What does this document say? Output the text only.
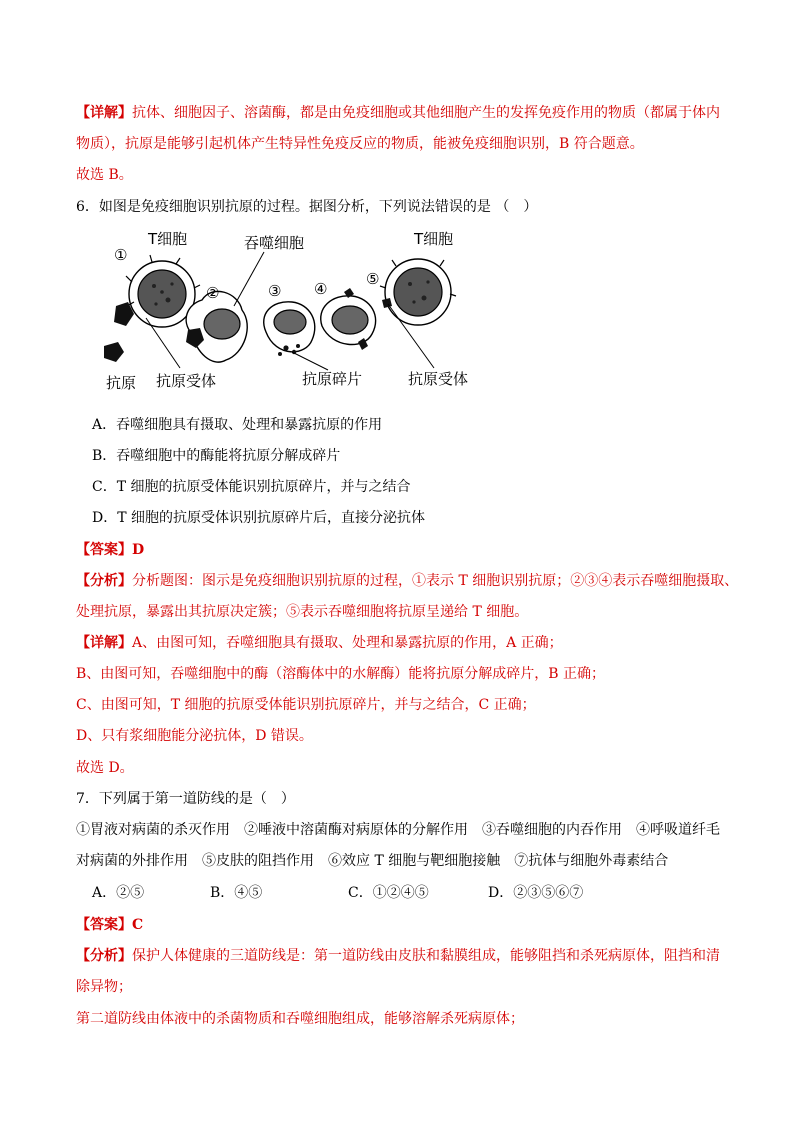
【详解】抗体、细胞因子、溶菌酶，都是由免疫细胞或其他细胞产生的发挥免疫作用的物质（都属于体内
物质），抗原是能够引起机体产生特异性免疫反应的物质，能被免疫细胞识别，B 符合题意。
故选 B。
6．如图是免疫细胞识别抗原的过程。据图分析，下列说法错误的是 （　）
①
②	③ ④
⑤
T细胞	吞噬细胞	T细胞
抗原 抗原受体	抗原碎片	抗原受体
A．吞噬细胞具有摄取、处理和暴露抗原的作用
B．吞噬细胞中的酶能将抗原分解成碎片
C．T 细胞的抗原受体能识别抗原碎片，并与之结合
D．T 细胞的抗原受体识别抗原碎片后，直接分泌抗体
【答案】D
【分析】分析题图：图示是免疫细胞识别抗原的过程，①表示 T 细胞识别抗原；②③④表示吞噬细胞摄取、
处理抗原，暴露出其抗原决定簇；⑤表示吞噬细胞将抗原呈递给 T 细胞。
【详解】A、由图可知，吞噬细胞具有摄取、处理和暴露抗原的作用，A 正确；
B、由图可知，吞噬细胞中的酶（溶酶体中的水解酶）能将抗原分解成碎片，B 正确；
C、由图可知，T 细胞的抗原受体能识别抗原碎片，并与之结合，C 正确；
D、只有浆细胞能分泌抗体，D 错误。
故选 D。
7．下列属于第一道防线的是（　）
①胃液对病菌的杀灭作用　②唾液中溶菌酶对病原体的分解作用　③吞噬细胞的内吞作用　④呼吸道纤毛
对病菌的外排作用　⑤皮肤的阻挡作用　⑥效应 T 细胞与靶细胞接触　⑦抗体与细胞外毒素结合
A．②⑤	B．④⑤	C．①②④⑤	D．②③⑤⑥⑦
【答案】C
【分析】保护人体健康的三道防线是：第一道防线由皮肤和黏膜组成，能够阻挡和杀死病原体，阻挡和清
除异物；
第二道防线由体液中的杀菌物质和吞噬细胞组成，能够溶解杀死病原体；
